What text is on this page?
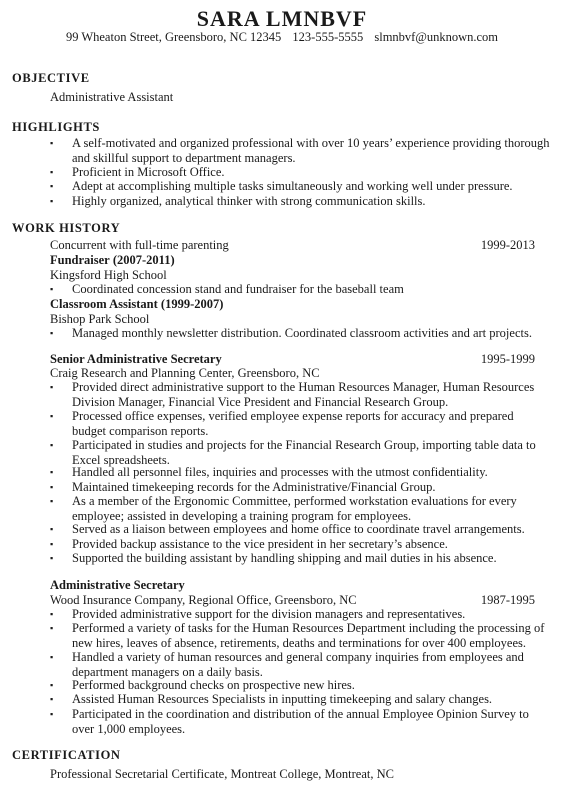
SARA LMNBVF
99 Wheaton Street, Greensboro, NC 12345 123-555-5555 slmnbvf@unknown.com
OBJECTIVE
Administrative Assistant
HIGHLIGHTS
▪ A self-motivated and organized professional with over 10 years’ experience providing thorough and skillful support to department managers.
▪ Proficient in Microsoft Office.
▪ Adept at accomplishing multiple tasks simultaneously and working well under pressure.
▪ Highly organized, analytical thinker with strong communication skills.
WORK HISTORY
Concurrent with full-time parenting	1999-2013
Fundraiser (2007-2011)
Kingsford High School
▪ Coordinated concession stand and fundraiser for the baseball team
Classroom Assistant (1999-2007)
Bishop Park School
▪ Managed monthly newsletter distribution. Coordinated classroom activities and art projects.
Senior Administrative Secretary	1995-1999
Craig Research and Planning Center, Greensboro, NC
▪ Provided direct administrative support to the Human Resources Manager, Human Resources Division Manager, Financial Vice President and Financial Research Group.
▪ Processed office expenses, verified employee expense reports for accuracy and prepared budget comparison reports.
▪ Participated in studies and projects for the Financial Research Group, importing table data to Excel spreadsheets.
▪ Handled all personnel files, inquiries and processes with the utmost confidentiality.
▪ Maintained timekeeping records for the Administrative/Financial Group.
▪ As a member of the Ergonomic Committee, performed workstation evaluations for every employee; assisted in developing a training program for employees.
▪ Served as a liaison between employees and home office to coordinate travel arrangements.
▪ Provided backup assistance to the vice president in her secretary’s absence.
▪ Supported the building assistant by handling shipping and mail duties in his absence.
Administrative Secretary
1987-1995
Wood Insurance Company, Regional Office, Greensboro, NC
▪ Provided administrative support for the division managers and representatives.
▪ Performed a variety of tasks for the Human Resources Department including the processing of new hires, leaves of absence, retirements, deaths and terminations for over 400 employees.
▪ Handled a variety of human resources and general company inquiries from employees and department managers on a daily basis.
▪ Performed background checks on prospective new hires.
▪ Assisted Human Resources Specialists in inputting timekeeping and salary changes.
▪ Participated in the coordination and distribution of the annual Employee Opinion Survey to over 1,000 employees.
CERTIFICATION
Professional Secretarial Certificate, Montreat College, Montreat, NC
